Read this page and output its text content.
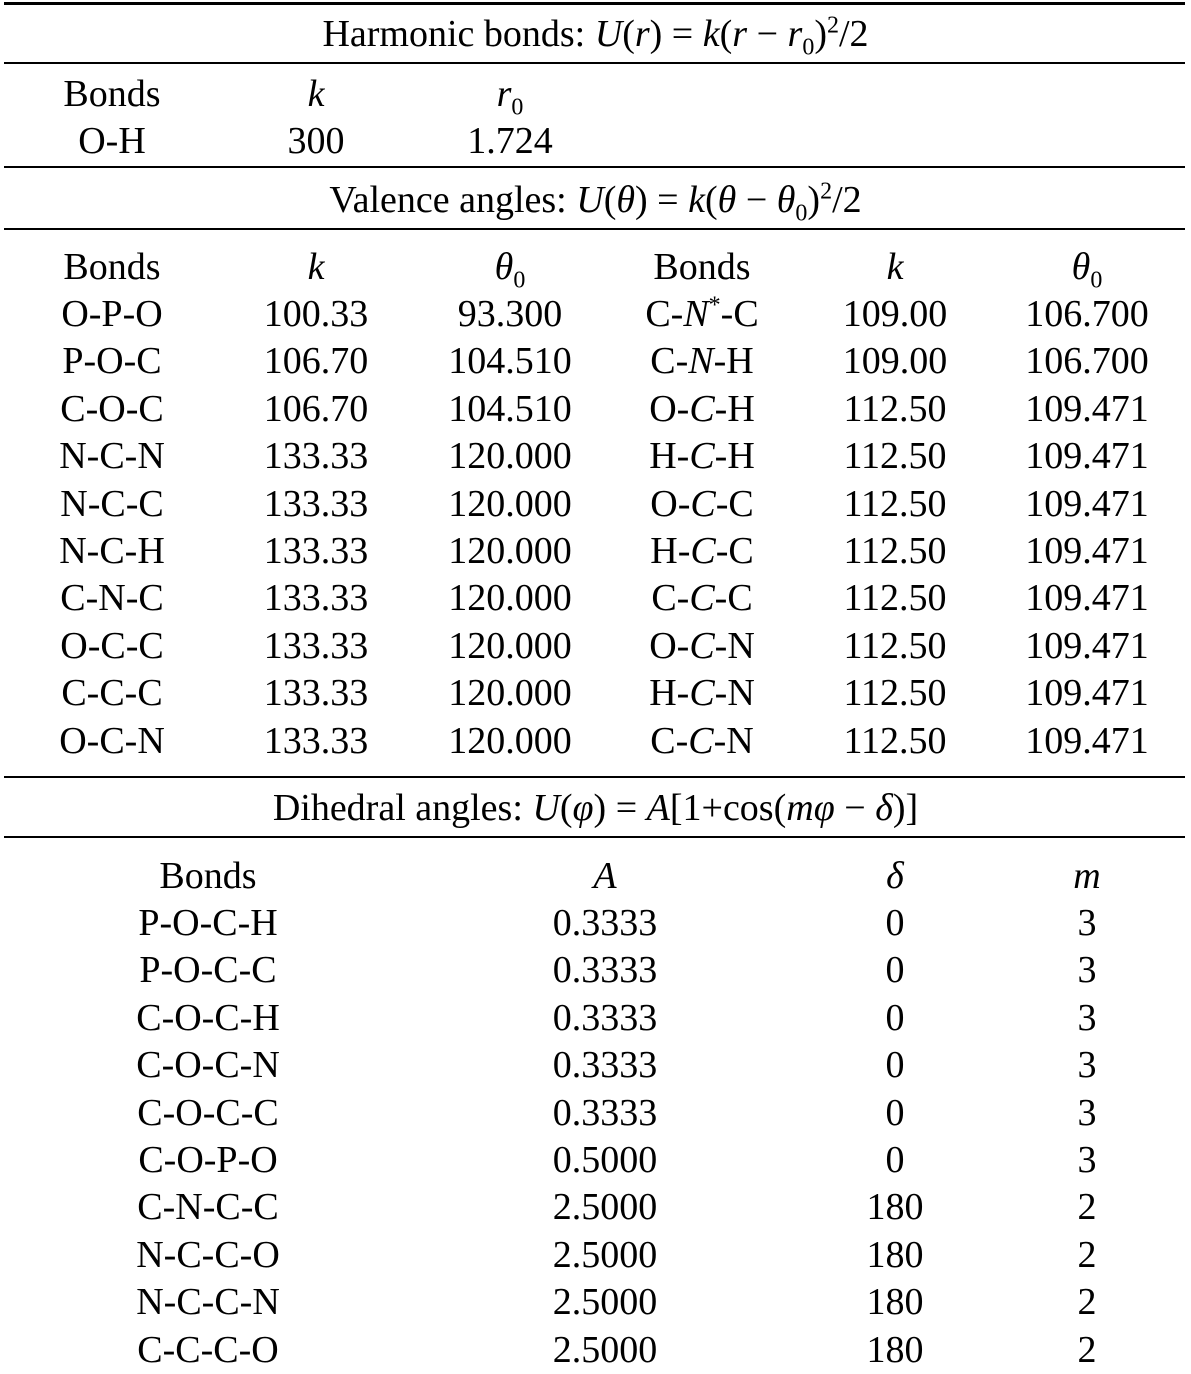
Harmonic bonds: $U(r) = k(r - r_0)^2/2$
Valence angles: $U(\theta) = k(\theta - \theta_0)^2/2$
Dihedral angles: U(φ) = A[1+cos(mφ − δ)]
Bonds	k	$r_0$
O-H	300	1.724
Bonds	k	$\theta_0$	Bonds	k	$\theta_0$
O-P-O	100.33 93.300 C-N*-C 109.00 106.700
P-O-C	106.70 104.510 C-N-H 109.00 106.700
C-O-C	106.70 104.510 O-C-H 112.50 109.471
N-C-N	133.33 120.000 H-C-H 112.50 109.471
N-C-C	133.33 120.000 O-C-C 112.50 109.471
N-C-H	133.33 120.000 H-C-C 112.50 109.471
C-N-C	133.33 120.000 C-C-C 112.50 109.471
O-C-C	133.33 120.000 O-C-N 112.50 109.471
C-C-C	133.33 120.000 H-C-N 112.50 109.471
O-C-N	133.33 120.000 C-C-N 112.50 109.471
Bonds	A	δ	m
P-O-C-H	0.3333	0	3
P-O-C-C	0.3333	0	3
C-O-C-H	0.3333	0	3
C-O-C-N	0.3333	0	3
C-O-C-C	0.3333	0	3
C-O-P-O	0.5000	0	3
C-N-C-C	2.5000	180	2
N-C-C-O	2.5000	180	2
N-C-C-N	2.5000	180	2
C-C-C-O	2.5000	180	2
